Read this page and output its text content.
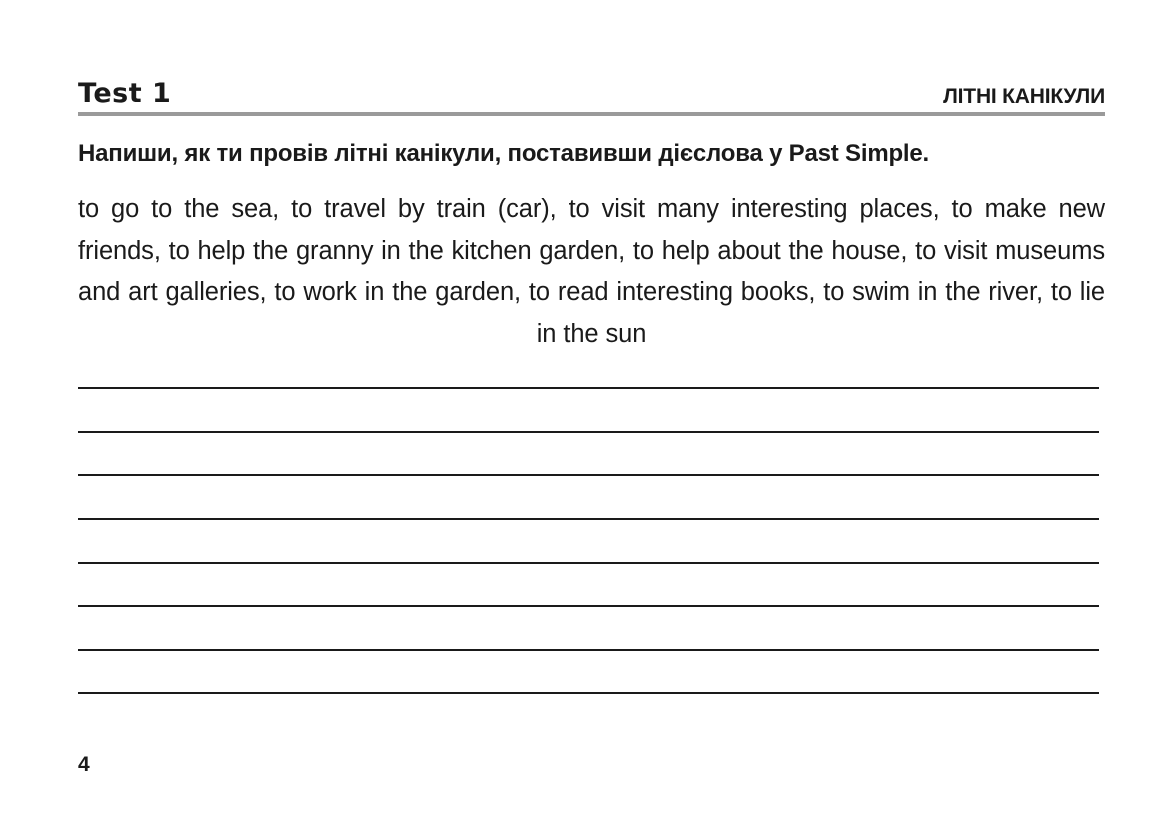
Test 1	ЛІТНІ КАНІКУЛИ
Напиши, як ти провів літні канікули, поставивши дієслова у Past Simple.
to go to the sea, to travel by train (car), to visit many interesting places, to make new friends, to help the granny in the kitchen garden, to help about the house, to visit museums and art galleries, to work in the garden, to read interesting books, to swim in the river, to lie in the sun
4
